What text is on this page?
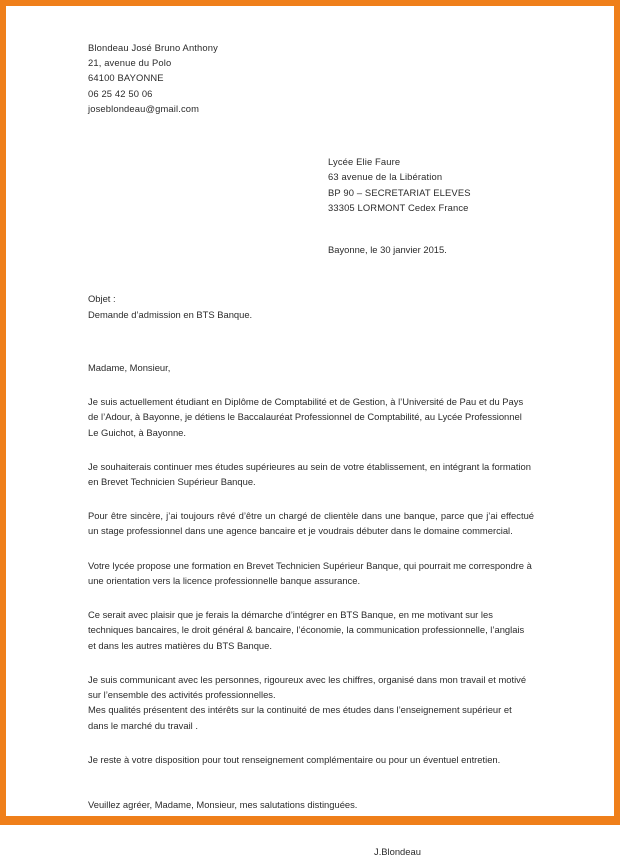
Blondeau José Bruno Anthony
21, avenue du Polo
64100 BAYONNE
06 25 42 50 06
joseblondeau@gmail.com
Lycée Elie Faure
63 avenue de la Libération
BP 90 – SECRETARIAT ELEVES
33305 LORMONT Cedex France
Bayonne, le 30 janvier 2015.
Objet :
Demande d’admission en BTS Banque.
Madame, Monsieur,

Je suis actuellement étudiant en Diplôme de Comptabilité et de Gestion, à l’Université de Pau et du Pays de l’Adour, à Bayonne, je détiens le Baccalauréat Professionnel de Comptabilité, au Lycée Professionnel Le Guichot, à Bayonne.

Je souhaiterais continuer mes études supérieures au sein de votre établissement, en intégrant la formation en Brevet Technicien Supérieur Banque.

Pour être sincère, j’ai toujours rêvé d’être un chargé de clientèle dans une banque, parce que j’ai effectué un stage professionnel dans une agence bancaire et je voudrais débuter dans le domaine commercial.

Votre lycée propose une formation en Brevet Technicien Supérieur Banque, qui pourrait me correspondre à une orientation vers la licence professionnelle banque assurance.

Ce serait avec plaisir que je ferais la démarche d’intégrer en BTS Banque, en me motivant sur les techniques bancaires, le droit général & bancaire, l’économie, la communication professionnelle, l’anglais et dans les autres matières du BTS Banque.

Je suis communicant avec les personnes, rigoureux avec les chiffres, organisé dans mon travail et motivé sur l’ensemble des activités professionnelles.
Mes qualités présentent des intérêts sur la continuité de mes études dans l’enseignement supérieur et dans le marché du travail .

Je reste à votre disposition pour tout renseignement complémentaire ou pour un éventuel entretien.

Veuillez agréer, Madame, Monsieur, mes salutations distinguées.

J.Blondeau
